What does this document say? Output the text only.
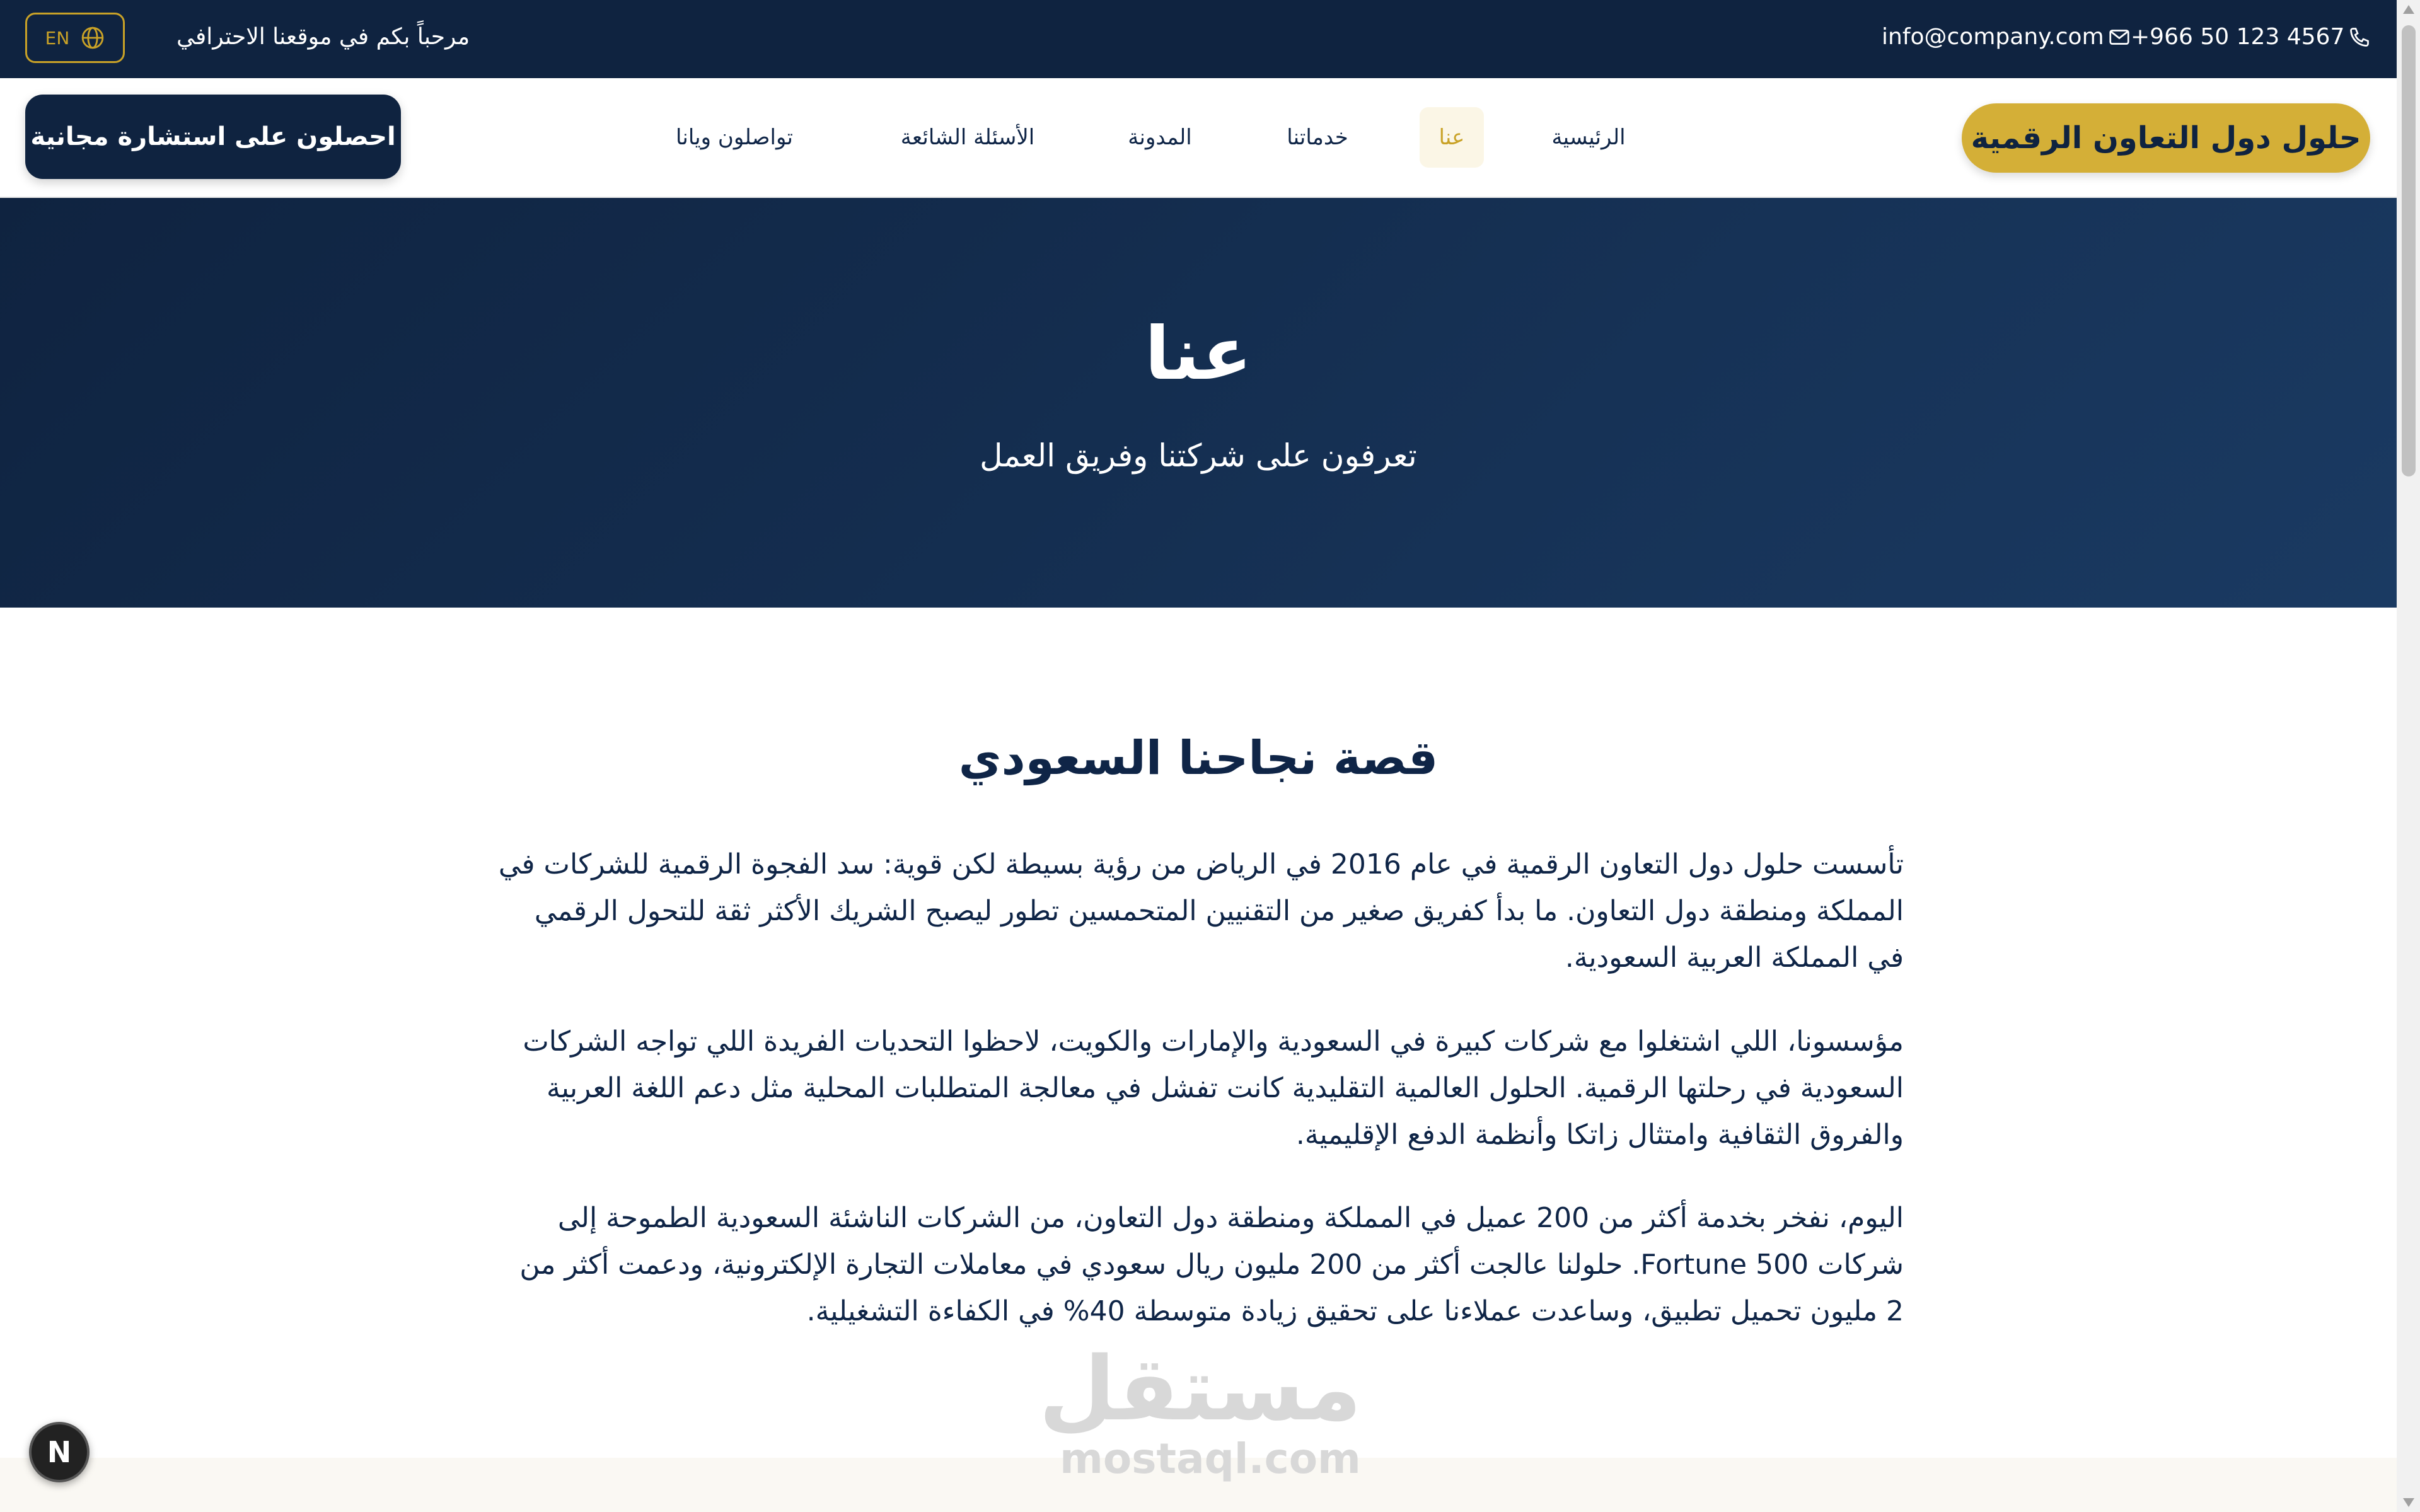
EN	مرحباً بكم في موقعنا الاحترافي	info@company.com +966 50 123 4567
احصلون على استشارة مجانية	تواصلون ويانا	الأسئلة الشائعة	المدونة	خدماتنا	عنا	الرئيسية	حلول دول التعاون الرقمية
عنا

تعرفون على شركتنا وفريق العمل

قصة نجاحنا السعودي

تأسست حلول دول التعاون الرقمية في عام 2016 في الرياض من رؤية بسيطة لكن قوية: سد الفجوة الرقمية للشركات في المملكة ومنطقة دول التعاون. ما بدأ كفريق صغير من التقنيين المتحمسين تطور ليصبح الشريك الأكثر ثقة للتحول الرقمي في المملكة العربية السعودية.

مؤسسونا، اللي اشتغلوا مع شركات كبيرة في السعودية والإمارات والكويت، لاحظوا التحديات الفريدة اللي تواجه الشركات السعودية في رحلتها الرقمية. الحلول العالمية التقليدية كانت تفشل في معالجة المتطلبات المحلية مثل دعم اللغة العربية والفروق الثقافية وامتثال زاتكا وأنظمة الدفع الإقليمية.

اليوم، نفخر بخدمة أكثر من 200 عميل في المملكة ومنطقة دول التعاون، من الشركات الناشئة السعودية الطموحة إلى شركات Fortune 500. حلولنا عالجت أكثر من 200 مليون ريال سعودي في معاملات التجارة الإلكترونية، ودعمت أكثر من 2 مليون تحميل تطبيق، وساعدت عملاءنا على تحقيق زيادة متوسطة 40% في الكفاءة التشغيلية.

مستقل
mostaql.com
N
